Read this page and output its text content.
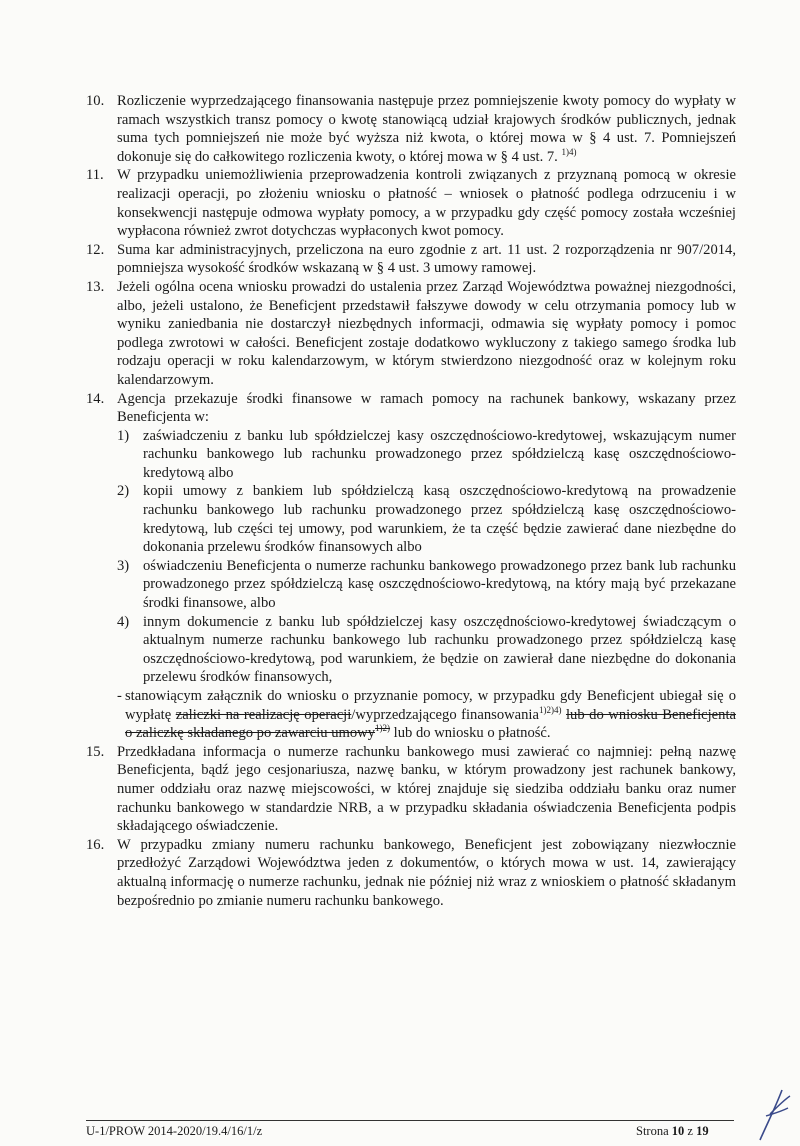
10. Rozliczenie wyprzedzającego finansowania następuje przez pomniejszenie kwoty pomocy do wypłaty w ramach wszystkich transz pomocy o kwotę stanowiącą udział krajowych środków publicznych, jednak suma tych pomniejszeń nie może być wyższa niż kwota, o której mowa w § 4 ust. 7. Pomniejszeń dokonuje się do całkowitego rozliczenia kwoty, o której mowa w § 4 ust. 7. $^{1)4)}$
11. W przypadku uniemożliwienia przeprowadzenia kontroli związanych z przyznaną pomocą w okresie realizacji operacji, po złożeniu wniosku o płatność – wniosek o płatność podlega odrzuceniu i w konsekwencji następuje odmowa wypłaty pomocy, a w przypadku gdy część pomocy została wcześniej wypłacona również zwrot dotychczas wypłaconych kwot pomocy.
12. Suma kar administracyjnych, przeliczona na euro zgodnie z art. 11 ust. 2 rozporządzenia nr 907/2014, pomniejsza wysokość środków wskazaną w § 4 ust. 3 umowy ramowej.
13. Jeżeli ogólna ocena wniosku prowadzi do ustalenia przez Zarząd Województwa poważnej niezgodności, albo, jeżeli ustalono, że Beneficjent przedstawił fałszywe dowody w celu otrzymania pomocy lub w wyniku zaniedbania nie dostarczył niezbędnych informacji, odmawia się wypłaty pomocy i pomoc podlega zwrotowi w całości. Beneficjent zostaje dodatkowo wykluczony z takiego samego środka lub rodzaju operacji w roku kalendarzowym, w którym stwierdzono niezgodność oraz w kolejnym roku kalendarzowym.
14. Agencja przekazuje środki finansowe w ramach pomocy na rachunek bankowy, wskazany przez Beneficjenta w:
1) zaświadczeniu z banku lub spółdzielczej kasy oszczędnościowo-kredytowej, wskazującym numer rachunku bankowego lub rachunku prowadzonego przez spółdzielczą kasę oszczędnościowo-kredytową albo
2) kopii umowy z bankiem lub spółdzielczą kasą oszczędnościowo-kredytową na prowadzenie rachunku bankowego lub rachunku prowadzonego przez spółdzielczą kasę oszczędnościowo-kredytową, lub części tej umowy, pod warunkiem, że ta część będzie zawierać dane niezbędne do dokonania przelewu środków finansowych albo
3) oświadczeniu Beneficjenta o numerze rachunku bankowego prowadzonego przez bank lub rachunku prowadzonego przez spółdzielczą kasę oszczędnościowo-kredytową, na który mają być przekazane środki finansowe, albo
4) innym dokumencie z banku lub spółdzielczej kasy oszczędnościowo-kredytowej świadczącym o aktualnym numerze rachunku bankowego lub rachunku prowadzonego przez spółdzielczą kasę oszczędnościowo-kredytową, pod warunkiem, że będzie on zawierał dane niezbędne do dokonania przelewu środków finansowych,
- stanowiącym załącznik do wniosku o przyznanie pomocy, w przypadku gdy Beneficjent ubiegał się o wypłatę zaliczki na realizację operacji/wyprzedzającego finansowania$^{1)2)4)}$ lub do wniosku Beneficjenta o zaliczkę składanego po zawarciu umowy$^{1)2)}$ lub do wniosku o płatność.
15. Przedkładana informacja o numerze rachunku bankowego musi zawierać co najmniej: pełną nazwę Beneficjenta, bądź jego cesjonariusza, nazwę banku, w którym prowadzony jest rachunek bankowy, numer oddziału oraz nazwę miejscowości, w której znajduje się siedziba oddziału banku oraz numer rachunku bankowego w standardzie NRB, a w przypadku składania oświadczenia Beneficjenta podpis składającego oświadczenie.
16. W przypadku zmiany numeru rachunku bankowego, Beneficjent jest zobowiązany niezwłocznie przedłożyć Zarządowi Województwa jeden z dokumentów, o których mowa w ust. 14, zawierający aktualną informację o numerze rachunku, jednak nie później niż wraz z wnioskiem o płatność składanym bezpośrednio po zmianie numeru rachunku bankowego.
U-1/PROW 2014-2020/19.4/16/1/z	Strona 10 z 19
